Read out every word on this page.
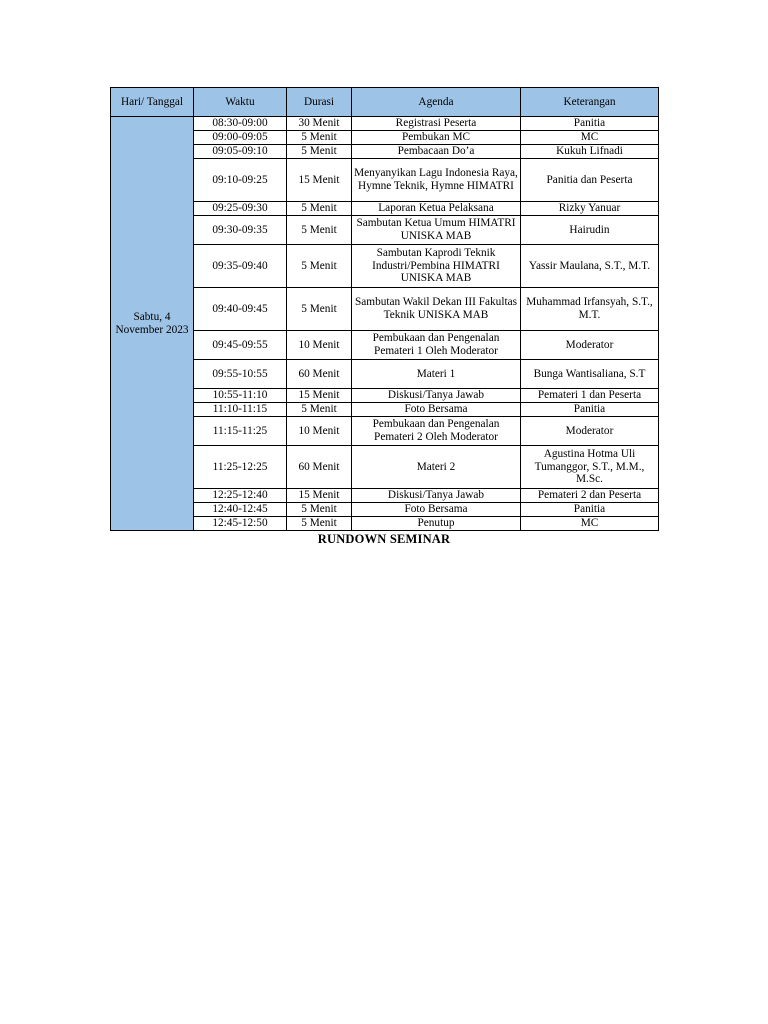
Hari/ Tanggal	Waktu	Durasi	Agenda	Keterangan

Sabtu, 4 November 2023	08:30-09:00	30 Menit	Registrasi Peserta	Panitia
	09:00-09:05	5 Menit	Pembukan MC	MC
	09:05-09:10	5 Menit	Pembacaan Do’a	Kukuh Lifnadi
	09:10-09:25	15 Menit	Menyanyikan Lagu Indonesia Raya, Hymne Teknik, Hymne HIMATRI	Panitia dan Peserta
	09:25-09:30	5 Menit	Laporan Ketua Pelaksana	Rizky Yanuar
	09:30-09:35	5 Menit	Sambutan Ketua Umum HIMATRI UNISKA MAB	Hairudin
	09:35-09:40	5 Menit	Sambutan Kaprodi Teknik Industri/Pembina HIMATRI UNISKA MAB	Yassir Maulana, S.T., M.T.
	09:40-09:45	5 Menit	Sambutan Wakil Dekan III Fakultas Teknik UNISKA MAB	Muhammad Irfansyah, S.T., M.T.
	09:45-09:55	10 Menit	Pembukaan dan Pengenalan Pemateri 1 Oleh Moderator	Moderator
	09:55-10:55	60 Menit	Materi 1	Bunga Wantisaliana, S.T
	10:55-11:10	15 Menit	Diskusi/Tanya Jawab	Pemateri 1 dan Peserta
	11:10-11:15	5 Menit	Foto Bersama	Panitia
	11:15-11:25	10 Menit	Pembukaan dan Pengenalan Pemateri 2 Oleh Moderator	Moderator
	11:25-12:25	60 Menit	Materi 2	Agustina Hotma Uli Tumanggor, S.T., M.M., M.Sc.
	12:25-12:40	15 Menit	Diskusi/Tanya Jawab	Pemateri 2 dan Peserta
	12:40-12:45	5 Menit	Foto Bersama	Panitia
	12:45-12:50	5 Menit	Penutup	MC
RUNDOWN SEMINAR
